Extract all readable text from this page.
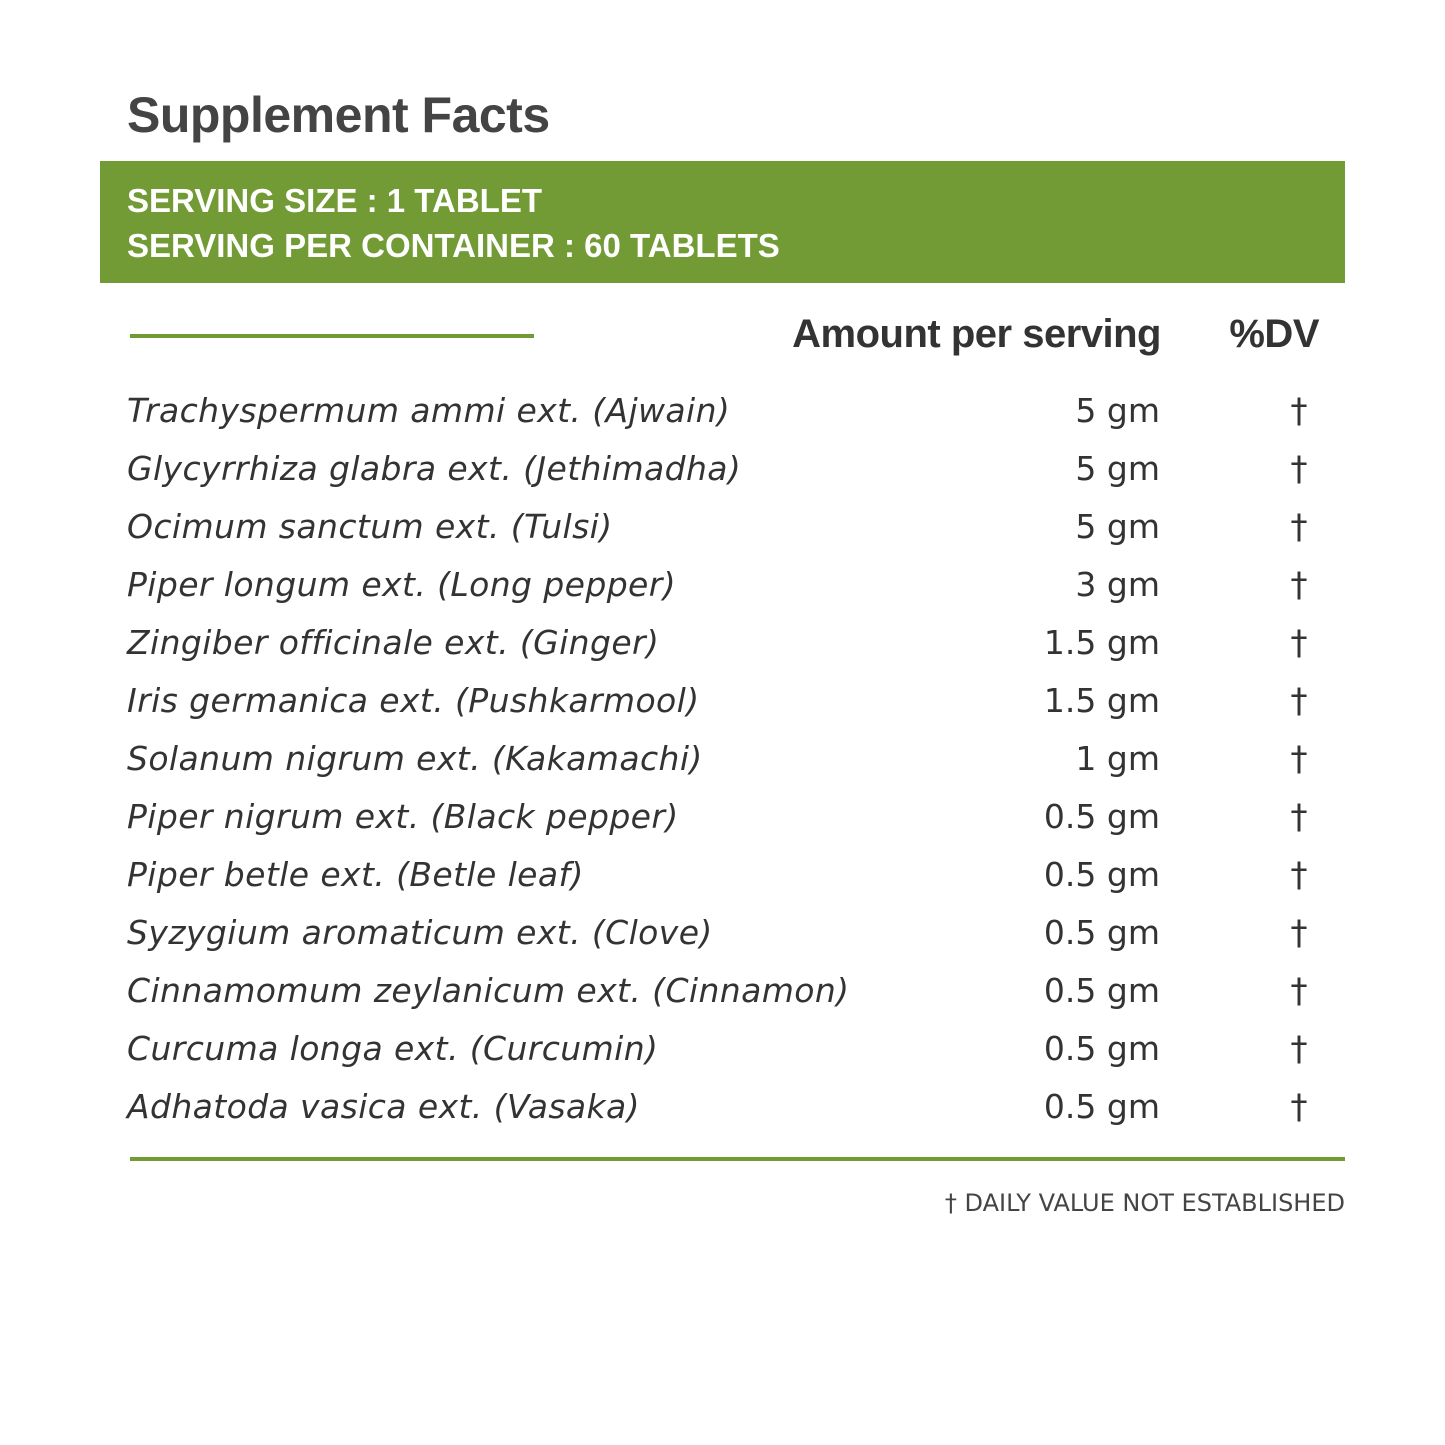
Supplement Facts
SERVING SIZE : 1 TABLET
SERVING PER CONTAINER : 60 TABLETS
Amount per serving %DV
Trachyspermum ammi ext. (Ajwain)	5 gm	†
Glycyrrhiza glabra ext. (Jethimadha)	5 gm	†
Ocimum sanctum ext. (Tulsi)	5 gm	†
Piper longum ext. (Long pepper)	3 gm	†
Zingiber officinale ext. (Ginger)	1.5 gm	†
Iris germanica ext. (Pushkarmool)	1.5 gm	†
Solanum nigrum ext. (Kakamachi)	1 gm	†
Piper nigrum ext. (Black pepper)	0.5 gm	†
Piper betle ext. (Betle leaf)	0.5 gm	†
Syzygium aromaticum ext. (Clove)	0.5 gm	†
Cinnamomum zeylanicum ext. (Cinnamon)	0.5 gm	†
Curcuma longa ext. (Curcumin)	0.5 gm	†
Adhatoda vasica ext. (Vasaka)	0.5 gm	†
† DAILY VALUE NOT ESTABLISHED
